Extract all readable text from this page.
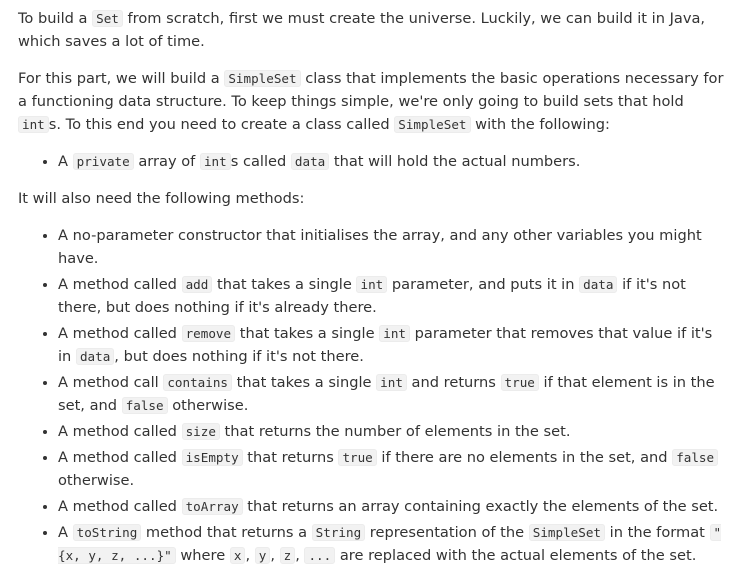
To build a Set from scratch, first we must create the universe. Luckily, we can build it in Java, which saves a lot of time.

For this part, we will build a SimpleSet class that implements the basic operations necessary for a functioning data structure. To keep things simple, we're only going to build sets that hold int s. To this end you need to create a class called SimpleSet with the following:

• A private array of int s called data that will hold the actual numbers.

It will also need the following methods:

• A no-parameter constructor that initialises the array, and any other variables you might have.
• A method called add that takes a single int parameter, and puts it in data if it's not there, but does nothing if it's already there.
• A method called remove that takes a single int parameter that removes that value if it's in data , but does nothing if it's not there.
• A method call contains that takes a single int and returns true if that element is in the set, and false otherwise.
• A method called size that returns the number of elements in the set.
• A method called isEmpty that returns true if there are no elements in the set, and false otherwise.
• A method called toArray that returns an array containing exactly the elements of the set.
• A toString method that returns a String representation of the SimpleSet in the format "{x, y, z, ...}" where x , y , z , ... are replaced with the actual elements of the set.
